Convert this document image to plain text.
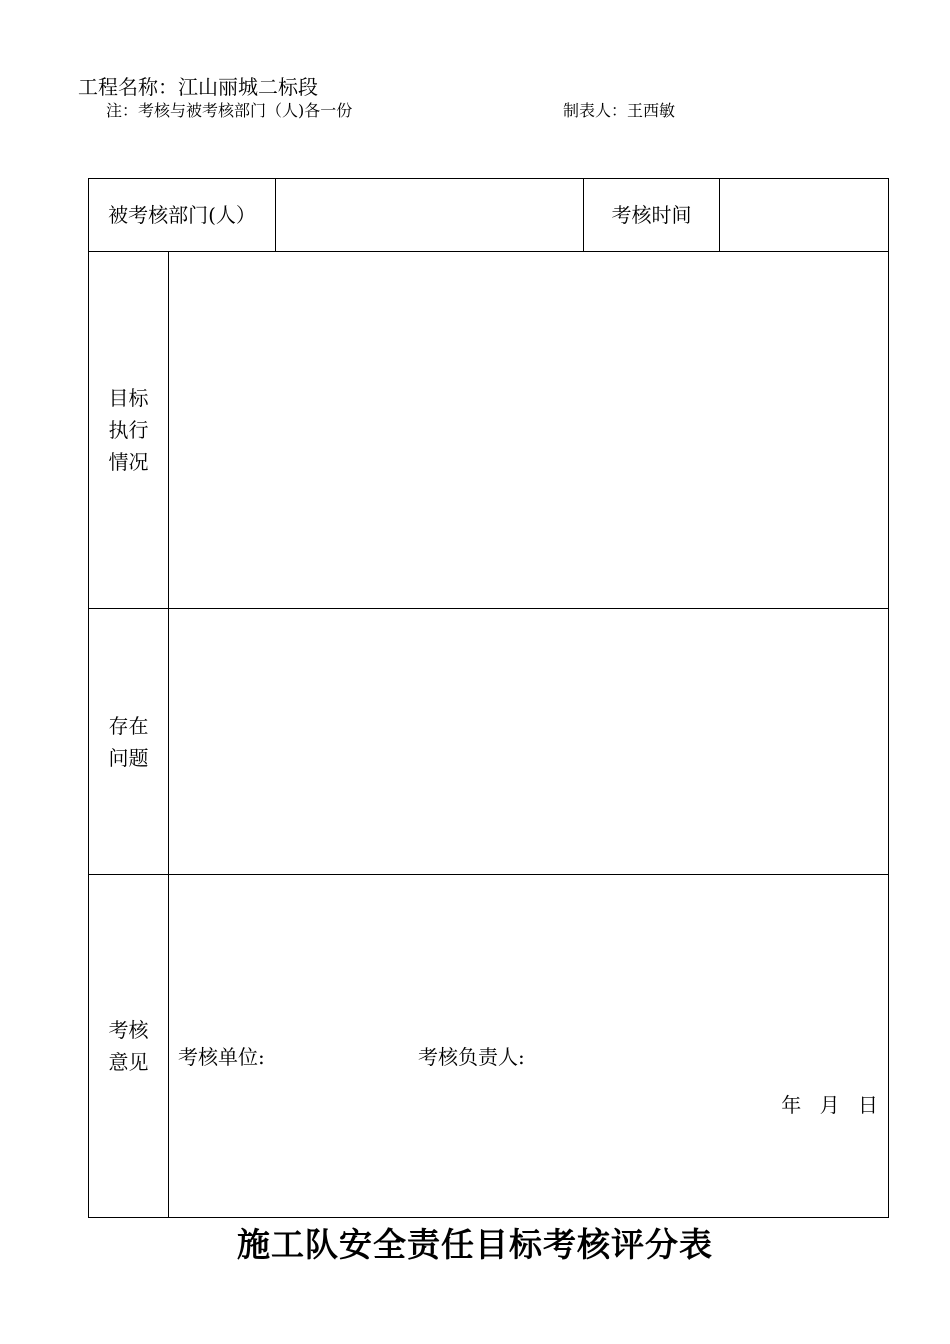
工程名称：江山丽城二标段
注：考核与被考核部门（人)各一份	制表人：王西敏
被考核部门(人）			考核时间	

目标
执行
情况				

存在
问题				

考核
意见	考核单位: 考核负责人:
年 月 日			
施工队安全责任目标考核评分表
